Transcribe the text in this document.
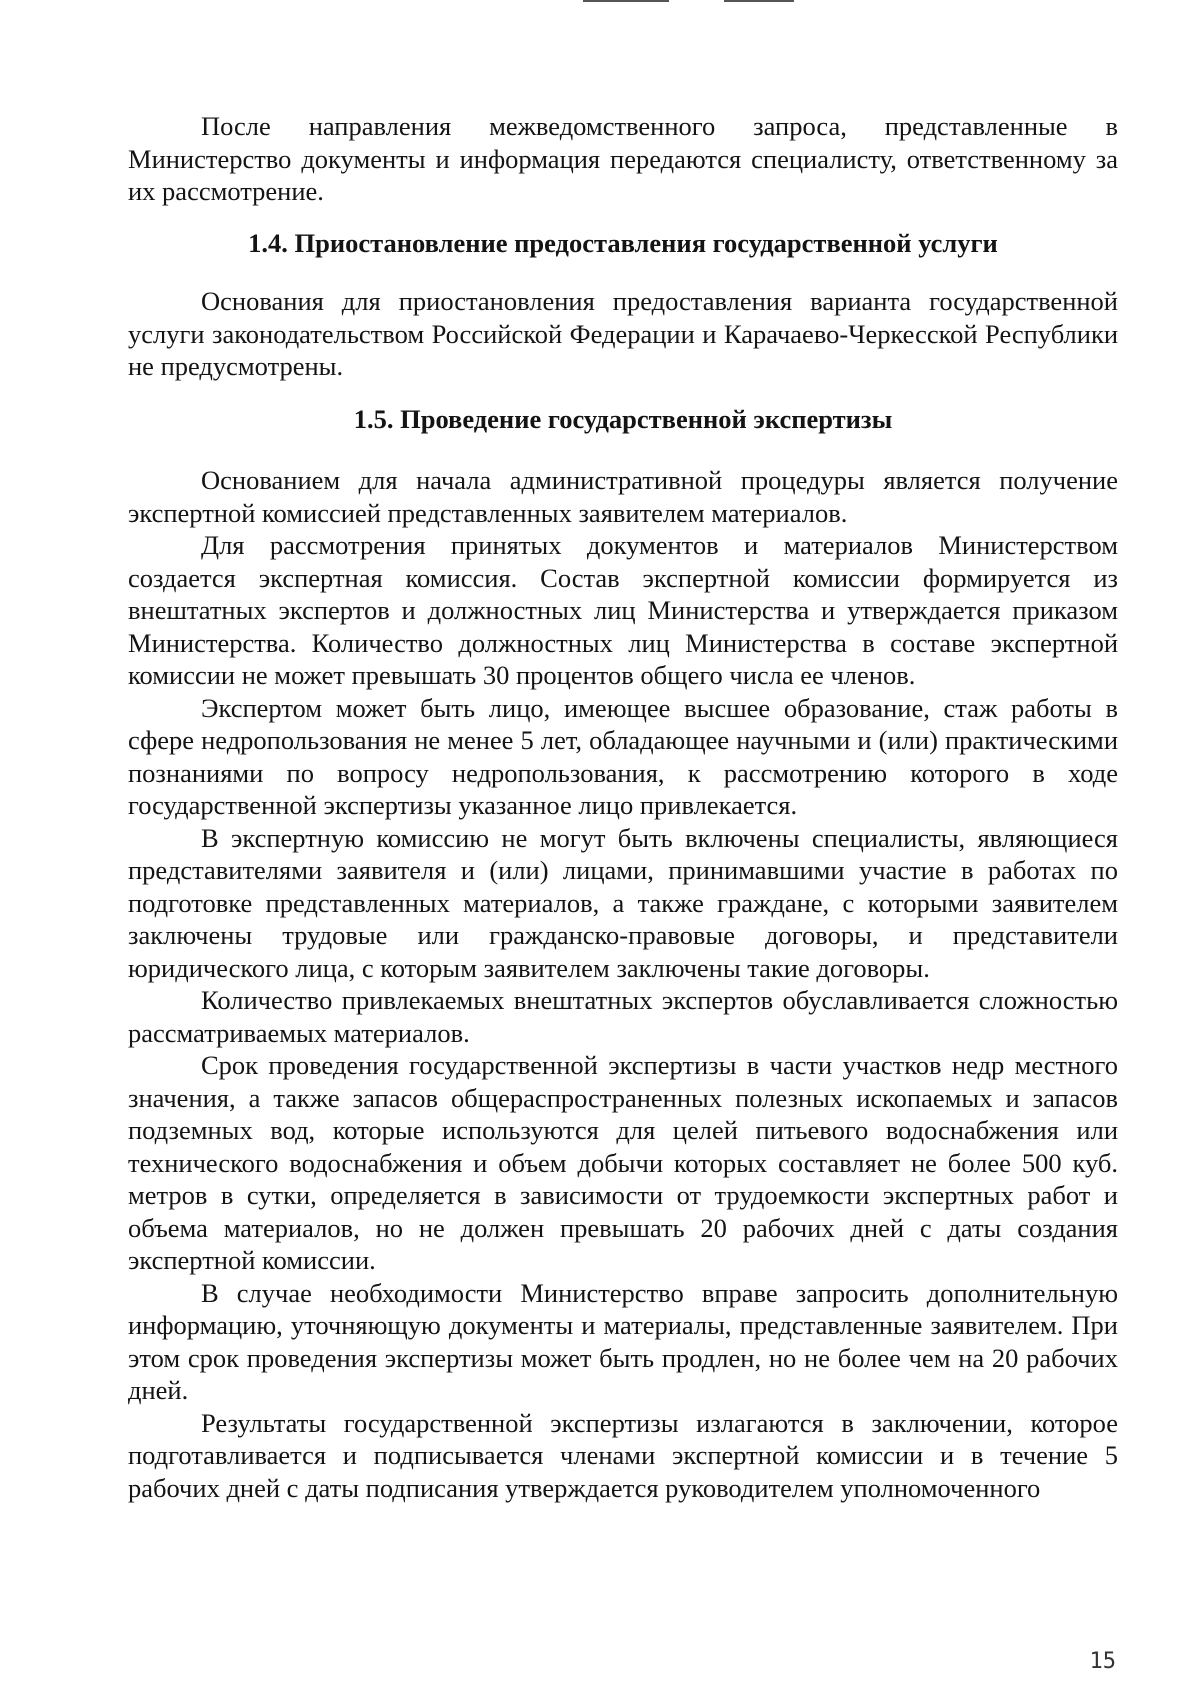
После направления межведомственного запроса, представленные в Министерство документы и информация передаются специалисту, ответственному за их рассмотрение.

1.4. Приостановление предоставления государственной услуги

Основания для приостановления предоставления варианта государственной услуги законодательством Российской Федерации и Карачаево-Черкесской Республики не предусмотрены.

1.5. Проведение государственной экспертизы

Основанием для начала административной процедуры является получение экспертной комиссией представленных заявителем материалов.

Для рассмотрения принятых документов и материалов Министерством создается экспертная комиссия. Состав экспертной комиссии формируется из внештатных экспертов и должностных лиц Министерства и утверждается приказом Министерства. Количество должностных лиц Министерства в составе экспертной комиссии не может превышать 30 процентов общего числа ее членов.

Экспертом может быть лицо, имеющее высшее образование, стаж работы в сфере недропользования не менее 5 лет, обладающее научными и (или) практическими познаниями по вопросу недропользования, к рассмотрению которого в ходе государственной экспертизы указанное лицо привлекается.

В экспертную комиссию не могут быть включены специалисты, являющиеся представителями заявителя и (или) лицами, принимавшими участие в работах по подготовке представленных материалов, а также граждане, с которыми заявителем заключены трудовые или гражданско-правовые договоры, и представители юридического лица, с которым заявителем заключены такие договоры.

Количество привлекаемых внештатных экспертов обуславливается сложностью рассматриваемых материалов.

Срок проведения государственной экспертизы в части участков недр местного значения, а также запасов общераспространенных полезных ископаемых и запасов подземных вод, которые используются для целей питьевого водоснабжения или технического водоснабжения и объем добычи которых составляет не более 500 куб. метров в сутки, определяется в зависимости от трудоемкости экспертных работ и объема материалов, но не должен превышать 20 рабочих дней с даты создания экспертной комиссии.

В случае необходимости Министерство вправе запросить дополнительную информацию, уточняющую документы и материалы, представленные заявителем. При этом срок проведения экспертизы может быть продлен, но не более чем на 20 рабочих дней.

Результаты государственной экспертизы излагаются в заключении, которое подготавливается и подписывается членами экспертной комиссии и в течение 5 рабочих дней с даты подписания утверждается руководителем уполномоченного

15
